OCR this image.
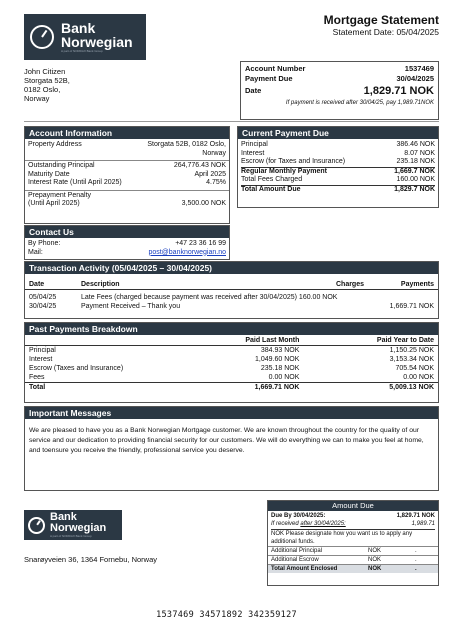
Bank
Norwegian
A part of NORDAX Bank Group
Mortgage Statement
Statement Date: 05/04/2025
John Citizen
Storgata 52B,
0182 Oslo,
Norway
Account Number	1537469
Payment Due	30/04/2025
Date	1,829.71 NOK
If payment is received after 30/04/25, pay 1,989.71NOK
Account Information
Property Address	Storgata 52B, 0182 Oslo,
Norway
Outstanding Principal	264,776.43 NOK
Maturity Date	April 2025
Interest Rate (Until April 2025)	4.75%
Prepayment Penalty
(Until April 2025)	3,500.00 NOK
Contact Us
By Phone:	+47 23 36 16 99
Mail:	post@banknorwegian.no
Current Payment Due
Principal	386.46 NOK
Interest	8.07 NOK
Escrow (for Taxes and Insurance)	235.18 NOK
Regular Monthly Payment	1,669.7 NOK
Total Fees Charged	160.00 NOK
Total Amount Due	1,829.7 NOK
Transaction Activity (05/04/2025 – 30/04/2025)
Date	Description	Charges	Payments
05/04/25	Late Fees (charged because payment was received after 30/04/2025) 160.00 NOK		
30/04/25	Payment Received – Thank you		1,669.71 NOK
Past Payments Breakdown
	Paid Last Month	Paid Year to Date
Principal	384.93 NOK	1,150.25 NOK
Interest	1,049.60 NOK	3,153.34 NOK
Escrow (Taxes and Insurance)	235.18 NOK	705.54 NOK
Fees	0.00 NOK	0.00 NOK
Total	1,669.71 NOK	5,009.13 NOK
Important Messages
We are pleased to have you as a Bank Norwegian Mortgage customer. We are known throughout the country for the quality of our service and our dedication to providing financial security for our customers. We will do everything we can to make you feel at home, and toensure you receive the friendly, professional service you deserve.
Bank
Norwegian
A part of NORDAX Bank Group
Snarøyveien 36, 1364 Fornebu, Norway
Amount Due
Due By 30/04/2025:	1,829.71 NOK
If received after 30/04/2025:	1,989.71
NOK Please designate how you want us to apply any additional funds.
Additional Principal	NOK	.
Additional Escrow	NOK	.
Total Amount Enclosed	NOK	.
1537469 34571892 342359127
